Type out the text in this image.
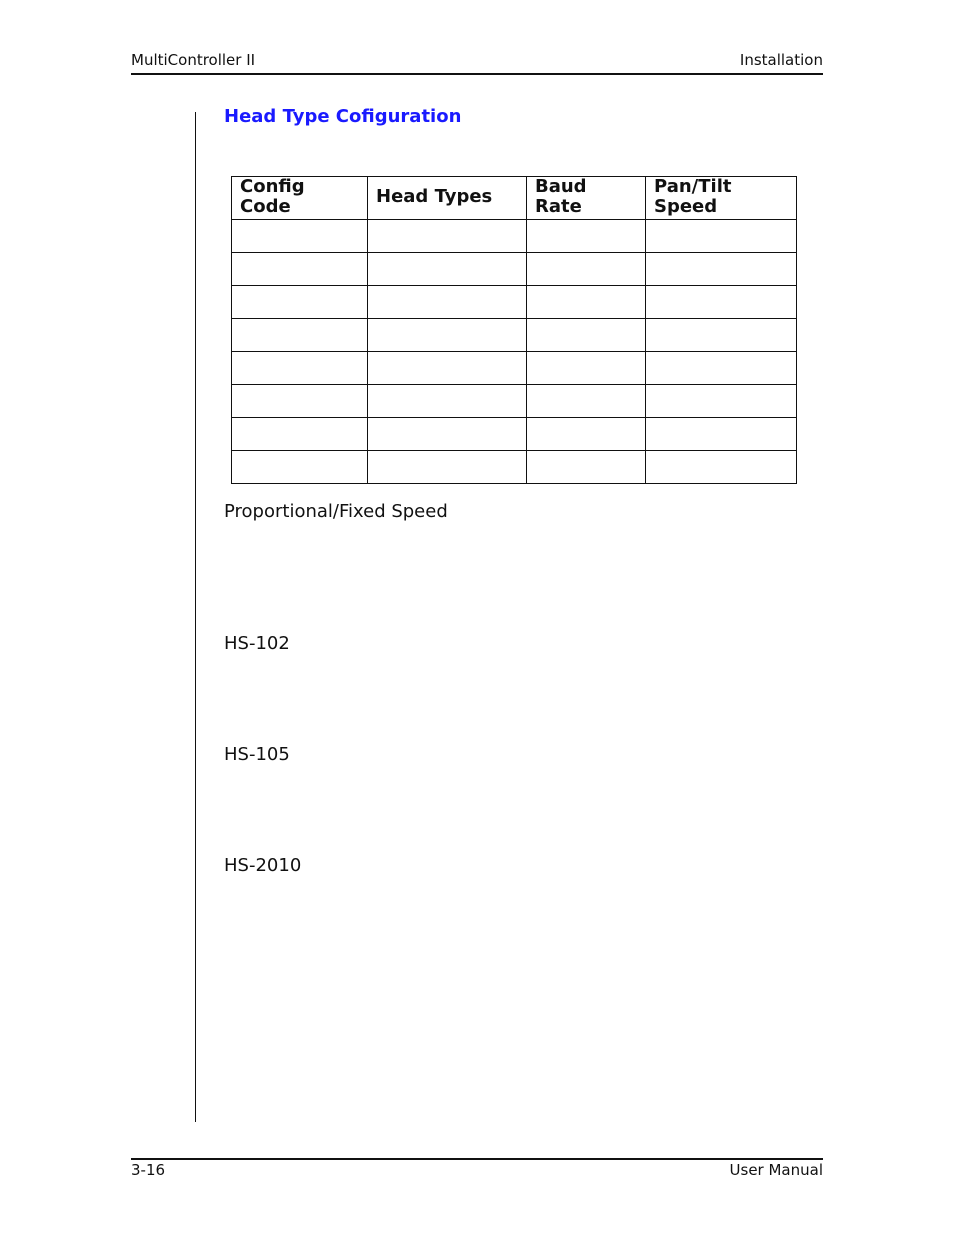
MultiController II	Installation
Head Type Cofiguration
Config Code	Head Types	Baud Rate	Pan/Tilt Speed

Proportional/Fixed Speed
HS-102
HS-105
HS-2010
3-16	User Manual
